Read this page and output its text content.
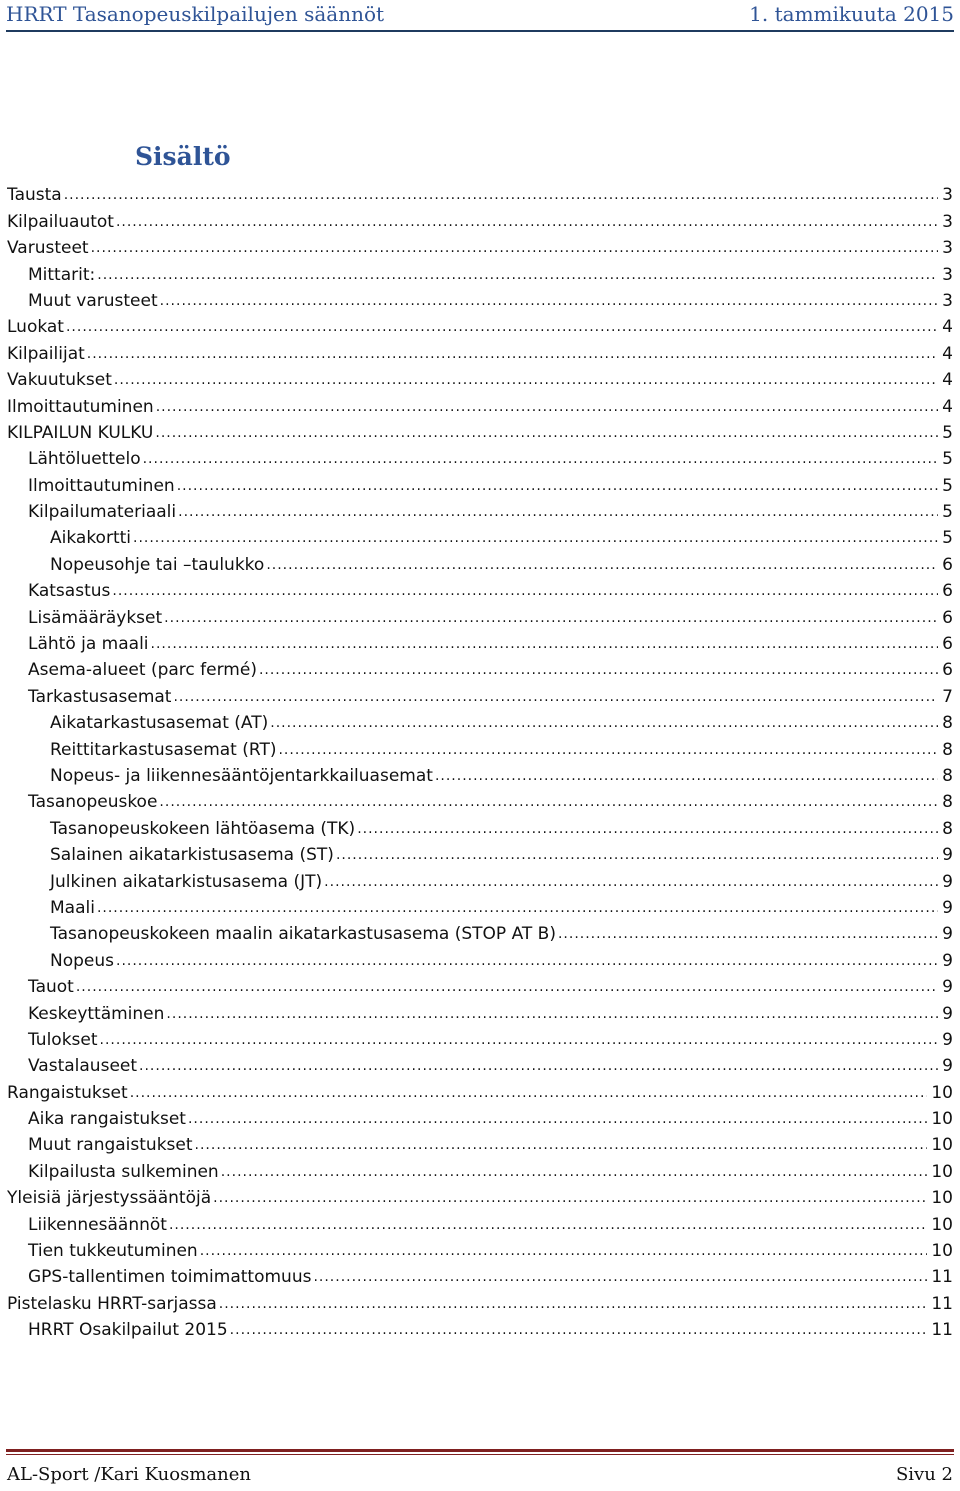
HRRT Tasanopeuskilpailujen säännöt	1. tammikuuta 2015
Sisältö
Tausta .....	3
Kilpailuautot .....	3
Varusteet .....	3
Mittarit: .....	3
Muut varusteet .....	3
Luokat .....	4
Kilpailijat .....	4
Vakuutukset .....	4
Ilmoittautuminen .....	4
KILPAILUN KULKU .....	5
Lähtöluettelo .....	5
Ilmoittautuminen .....	5
Kilpailumateriaali .....	5
Aikakortti .....	5
Nopeusohje tai –taulukko .....	6
Katsastus .....	6
Lisämääräykset .....	6
Lähtö ja maali .....	6
Asema-alueet (parc fermé) .....	6
Tarkastusasemat .....	7
Aikatarkastusasemat (AT) .....	8
Reittitarkastusasemat (RT) .....	8
Nopeus- ja liikennesääntöjentarkkailuasemat .....	8
Tasanopeuskoe .....	8
Tasanopeuskokeen lähtöasema (TK) .....	8
Salainen aikatarkistusasema (ST) .....	9
Julkinen aikatarkistusasema (JT) .....	9
Maali .....	9
Tasanopeuskokeen maalin aikatarkastusasema (STOP AT B) .....	9
Nopeus .....	9
Tauot .....	9
Keskeyttäminen .....	9
Tulokset .....	9
Vastalauseet .....	9
Rangaistukset .....	10
Aika rangaistukset .....	10
Muut rangaistukset .....	10
Kilpailusta sulkeminen .....	10
Yleisiä järjestyssääntöjä .....	10
Liikennesäännöt .....	10
Tien tukkeutuminen .....	10
GPS-tallentimen toimimattomuus .....	11
Pistelasku HRRT-sarjassa .....	11
HRRT Osakilpailut 2015 .....	11
AL-Sport /Kari Kuosmanen	Sivu 2
